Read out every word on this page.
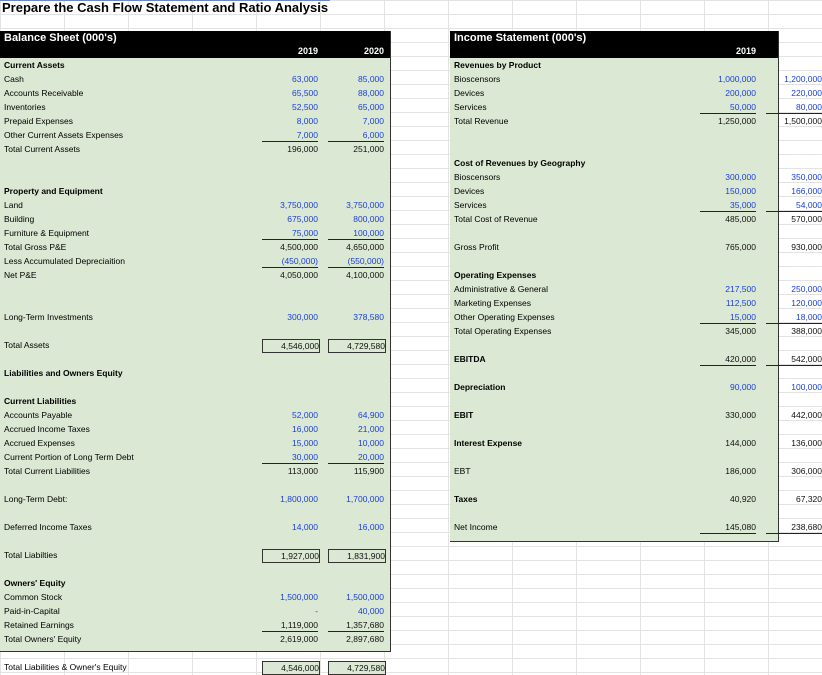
Prepare the Cash Flow Statement and Ratio Analysis
Balance Sheet (000's)
2019	2020
Current Assets
Cash	63,000	85,000
Accounts Receivable	65,500	88,000
Inventories	52,500	65,000
Prepaid Expenses	8,000	7,000
Other Current Assets Expenses	7,000	6,000
Total Current Assets	196,000	251,000
Property and Equipment
Land	3,750,000	3,750,000
Building	675,000	800,000
Furniture & Equipment	75,000	100,000
Total Gross P&E	4,500,000	4,650,000
Less Accumulated Depreciaition	(450,000)	(550,000)
Net P&E	4,050,000	4,100,000
Long-Term Investments	300,000	378,580
Total Assets	4,546,000	4,729,580
Liabilities and Owners Equity
Current Liabilities
Accounts Payable	52,000	64,900
Accrued Income Taxes	16,000	21,000
Accrued Expenses	15,000	10,000
Current Portion of Long Term Debt	30,000	20,000
Total Current Liabilities	113,000	115,900
Long-Term Debt:	1,800,000	1,700,000
Deferred Income Taxes	14,000	16,000
Total Liabilties	1,927,000	1,831,900
Owners' Equity
Common Stock	1,500,000	1,500,000
Paid-in-Capital	-	40,000
Retained Earnings	1,119,000	1,357,680
Total Owners' Equity	2,619,000	2,897,680
Total Liabilities & Owner's Equity	4,546,000	4,729,580
Income Statement (000's)
2019	2020
Revenues by Product
Bioscensors	1,000,000	1,200,000
Devices	200,000	220,000
Services	50,000	80,000
Total Revenue	1,250,000	1,500,000
Cost of Revenues by Geography
Bioscensors	300,000	350,000
Devices	150,000	166,000
Services	35,000	54,000
Total Cost of Revenue	485,000	570,000
Gross Profit	765,000	930,000
Operating Expenses
Administrative & General	217,500	250,000
Marketing Expenses	112,500	120,000
Other Operating Expenses	15,000	18,000
Total Operating Expenses	345,000	388,000
EBITDA	420,000	542,000
Depreciation	90,000	100,000
EBIT	330,000	442,000
Interest Expense	144,000	136,000
EBT	186,000	306,000
Taxes	40,920	67,320
Net Income	145,080	238,680
